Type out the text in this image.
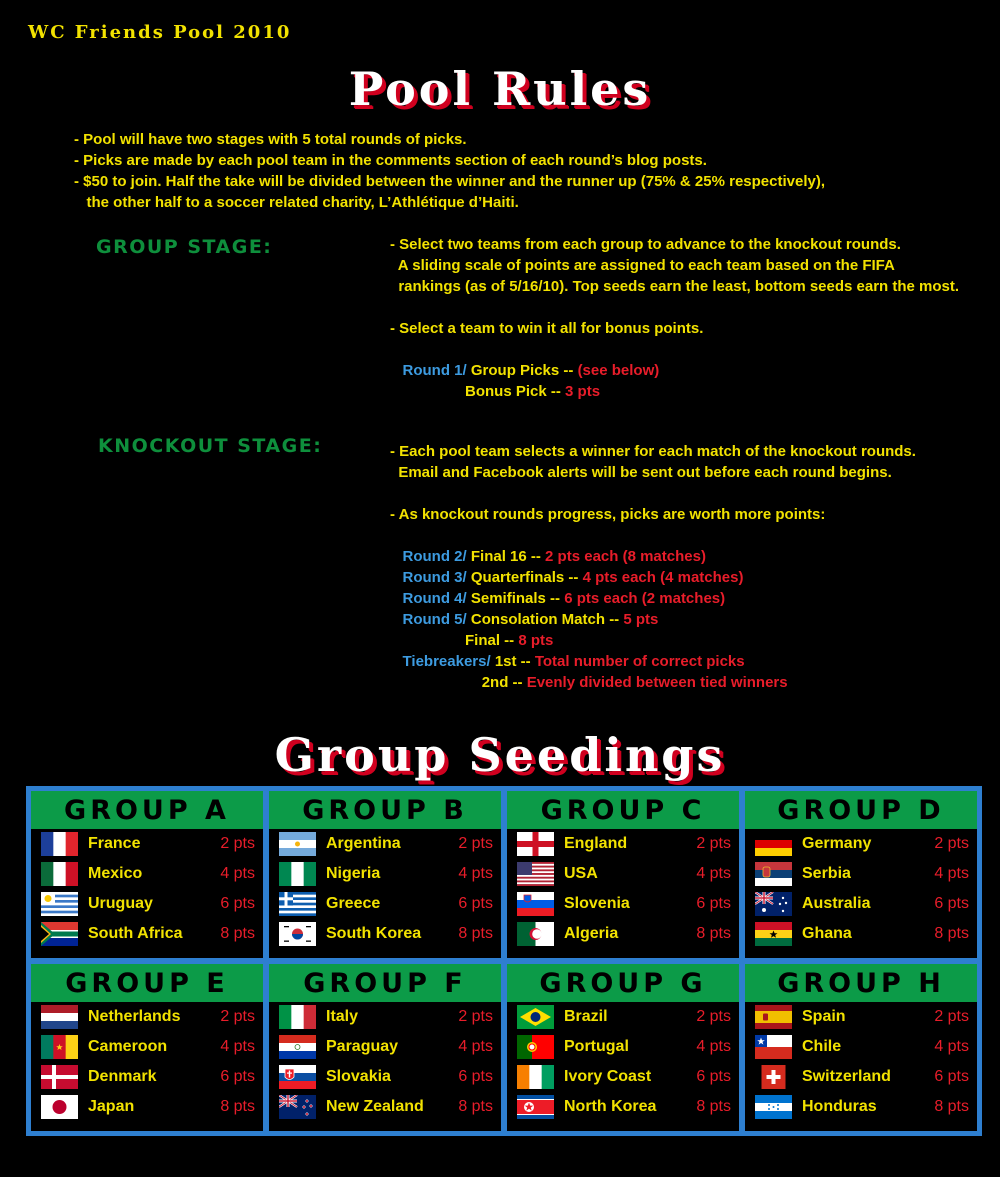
WC Friends Pool 2010
Pool Rules
- Pool will have two stages with 5 total rounds of picks.
- Picks are made by each pool team in the comments section of each round’s blog posts.
- $50 to join. Half the take will be divided between the winner and the runner up (75% & 25% respectively),
the other half to a soccer related charity, L’Athlétique d’Haiti.
GROUP STAGE:	- Select two teams from each group to advance to the knockout rounds.
A sliding scale of points are assigned to each team based on the FIFA
rankings (as of 5/16/10). Top seeds earn the least, bottom seeds earn the most.
- Select a team to win it all for bonus points.
Round 1/ Group Picks -- (see below)
Bonus Pick -- 3 pts
KNOCKOUT STAGE:	- Each pool team selects a winner for each match of the knockout rounds.
Email and Facebook alerts will be sent out before each round begins.
- As knockout rounds progress, picks are worth more points:
Round 2/ Final 16 -- 2 pts each (8 matches)
Round 3/ Quarterfinals -- 4 pts each (4 matches)
Round 4/ Semifinals -- 6 pts each (2 matches)
Round 5/ Consolation Match -- 5 pts
Final -- 8 pts
Tiebreakers/ 1st -- Total number of correct picks
2nd -- Evenly divided between tied winners
Group Seedings
GROUP A
France	2 pts
Mexico	4 pts
Uruguay	6 pts
South Africa 8 pts
GROUP B
Argentina	2 pts
Nigeria	4 pts
Greece	6 pts
South Korea 8 pts
GROUP C
England	2 pts
USA	4 pts
Slovenia	6 pts
Algeria	8 pts
GROUP D
Germany	2 pts
Serbia	4 pts
Australia	6 pts
Ghana	8 pts
GROUP E
Netherlands 2 pts
Cameroon	4 pts
Denmark	6 pts
Japan	8 pts
GROUP F
Italy	2 pts
Paraguay	4 pts
Slovakia	6 pts
New Zealand 8 pts
GROUP G
Brazil	2 pts
Portugal	4 pts
Ivory Coast	6 pts
North Korea 8 pts
GROUP H
Spain	2 pts
Chile	4 pts
Switzerland	6 pts
Honduras	8 pts
